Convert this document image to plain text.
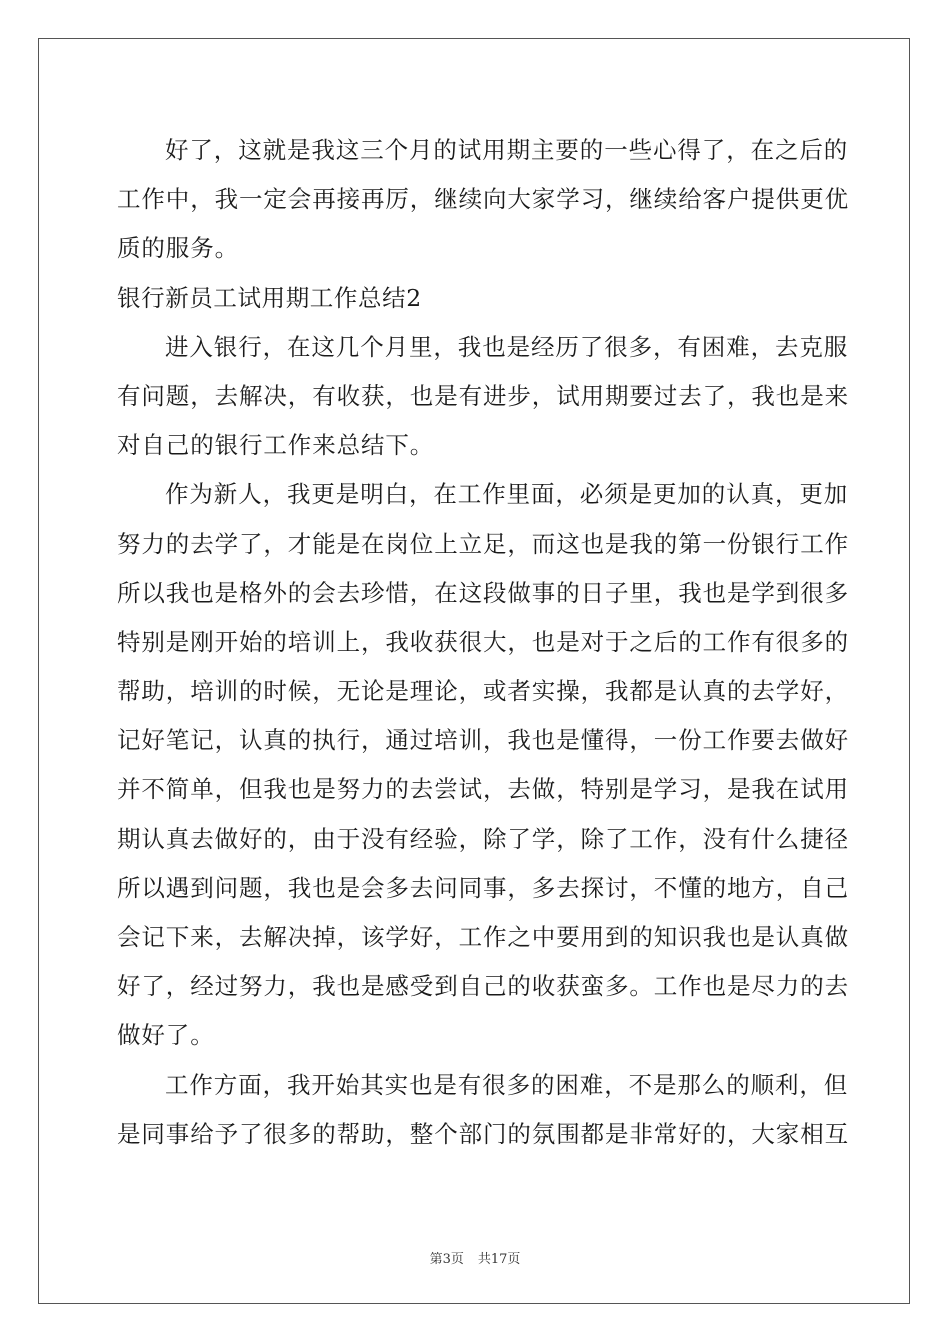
好了，这就是我这三个月的试用期主要的一些心得了，在之后的
工作中，我一定会再接再厉，继续向大家学习，继续给客户提供更优
质的服务。
银行新员工试用期工作总结2
进入银行，在这几个月里，我也是经历了很多，有困难，去克服
有问题，去解决，有收获，也是有进步，试用期要过去了，我也是来
对自己的银行工作来总结下。
作为新人，我更是明白，在工作里面，必须是更加的认真，更加
努力的去学了，才能是在岗位上立足，而这也是我的第一份银行工作
所以我也是格外的会去珍惜，在这段做事的日子里，我也是学到很多
特别是刚开始的培训上，我收获很大，也是对于之后的工作有很多的
帮助，培训的时候，无论是理论，或者实操，我都是认真的去学好，
记好笔记，认真的执行，通过培训，我也是懂得，一份工作要去做好
并不简单，但我也是努力的去尝试，去做，特别是学习，是我在试用
期认真去做好的，由于没有经验，除了学，除了工作，没有什么捷径
所以遇到问题，我也是会多去问同事，多去探讨，不懂的地方，自己
会记下来，去解决掉，该学好，工作之中要用到的知识我也是认真做
好了，经过努力，我也是感受到自己的收获蛮多。工作也是尽力的去
做好了。
工作方面，我开始其实也是有很多的困难，不是那么的顺利，但
是同事给予了很多的帮助，整个部门的氛围都是非常好的，大家相互
第3页 共17页
